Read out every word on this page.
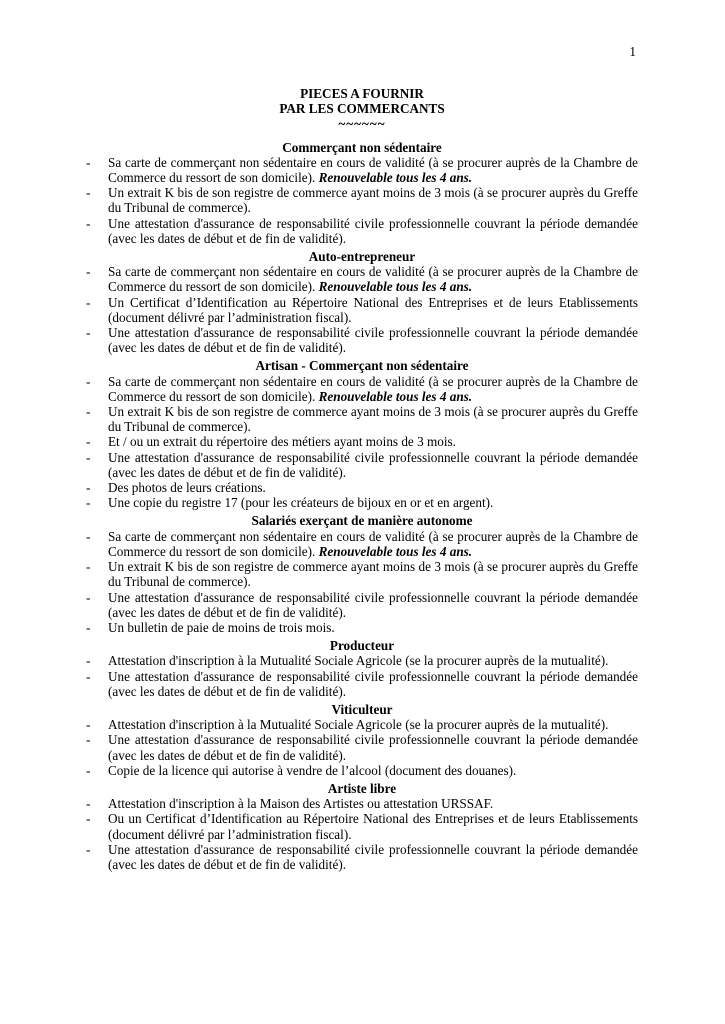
1
PIECES A FOURNIR
PAR LES COMMERCANTS
~~~~~~
Commerçant non sédentaire
- Sa carte de commerçant non sédentaire en cours de validité (à se procurer auprès de la Chambre de Commerce du ressort de son domicile). Renouvelable tous les 4 ans.
- Un extrait K bis de son registre de commerce ayant moins de 3 mois (à se procurer auprès du Greffe du Tribunal de commerce).
- Une attestation d'assurance de responsabilité civile professionnelle couvrant la période demandée (avec les dates de début et de fin de validité).
Auto-entrepreneur
- Sa carte de commerçant non sédentaire en cours de validité (à se procurer auprès de la Chambre de Commerce du ressort de son domicile). Renouvelable tous les 4 ans.
- Un Certificat d’Identification au Répertoire National des Entreprises et de leurs Etablissements (document délivré par l’administration fiscal).
- Une attestation d'assurance de responsabilité civile professionnelle couvrant la période demandée (avec les dates de début et de fin de validité).
Artisan - Commerçant non sédentaire
- Sa carte de commerçant non sédentaire en cours de validité (à se procurer auprès de la Chambre de Commerce du ressort de son domicile). Renouvelable tous les 4 ans.
- Un extrait K bis de son registre de commerce ayant moins de 3 mois (à se procurer auprès du Greffe du Tribunal de commerce).
- Et / ou un extrait du répertoire des métiers ayant moins de 3 mois.
- Une attestation d'assurance de responsabilité civile professionnelle couvrant la période demandée (avec les dates de début et de fin de validité).
- Des photos de leurs créations.
- Une copie du registre 17 (pour les créateurs de bijoux en or et en argent).
Salariés exerçant de manière autonome
- Sa carte de commerçant non sédentaire en cours de validité (à se procurer auprès de la Chambre de Commerce du ressort de son domicile). Renouvelable tous les 4 ans.
- Un extrait K bis de son registre de commerce ayant moins de 3 mois (à se procurer auprès du Greffe du Tribunal de commerce).
- Une attestation d'assurance de responsabilité civile professionnelle couvrant la période demandée (avec les dates de début et de fin de validité).
- Un bulletin de paie de moins de trois mois.
Producteur
- Attestation d'inscription à la Mutualité Sociale Agricole (se la procurer auprès de la mutualité).
- Une attestation d'assurance de responsabilité civile professionnelle couvrant la période demandée (avec les dates de début et de fin de validité).
Viticulteur
- Attestation d'inscription à la Mutualité Sociale Agricole (se la procurer auprès de la mutualité).
- Une attestation d'assurance de responsabilité civile professionnelle couvrant la période demandée (avec les dates de début et de fin de validité).
- Copie de la licence qui autorise à vendre de l’alcool (document des douanes).
Artiste libre
- Attestation d'inscription à la Maison des Artistes ou attestation URSSAF.
- Ou un Certificat d’Identification au Répertoire National des Entreprises et de leurs Etablissements (document délivré par l’administration fiscal).
- Une attestation d'assurance de responsabilité civile professionnelle couvrant la période demandée (avec les dates de début et de fin de validité).
